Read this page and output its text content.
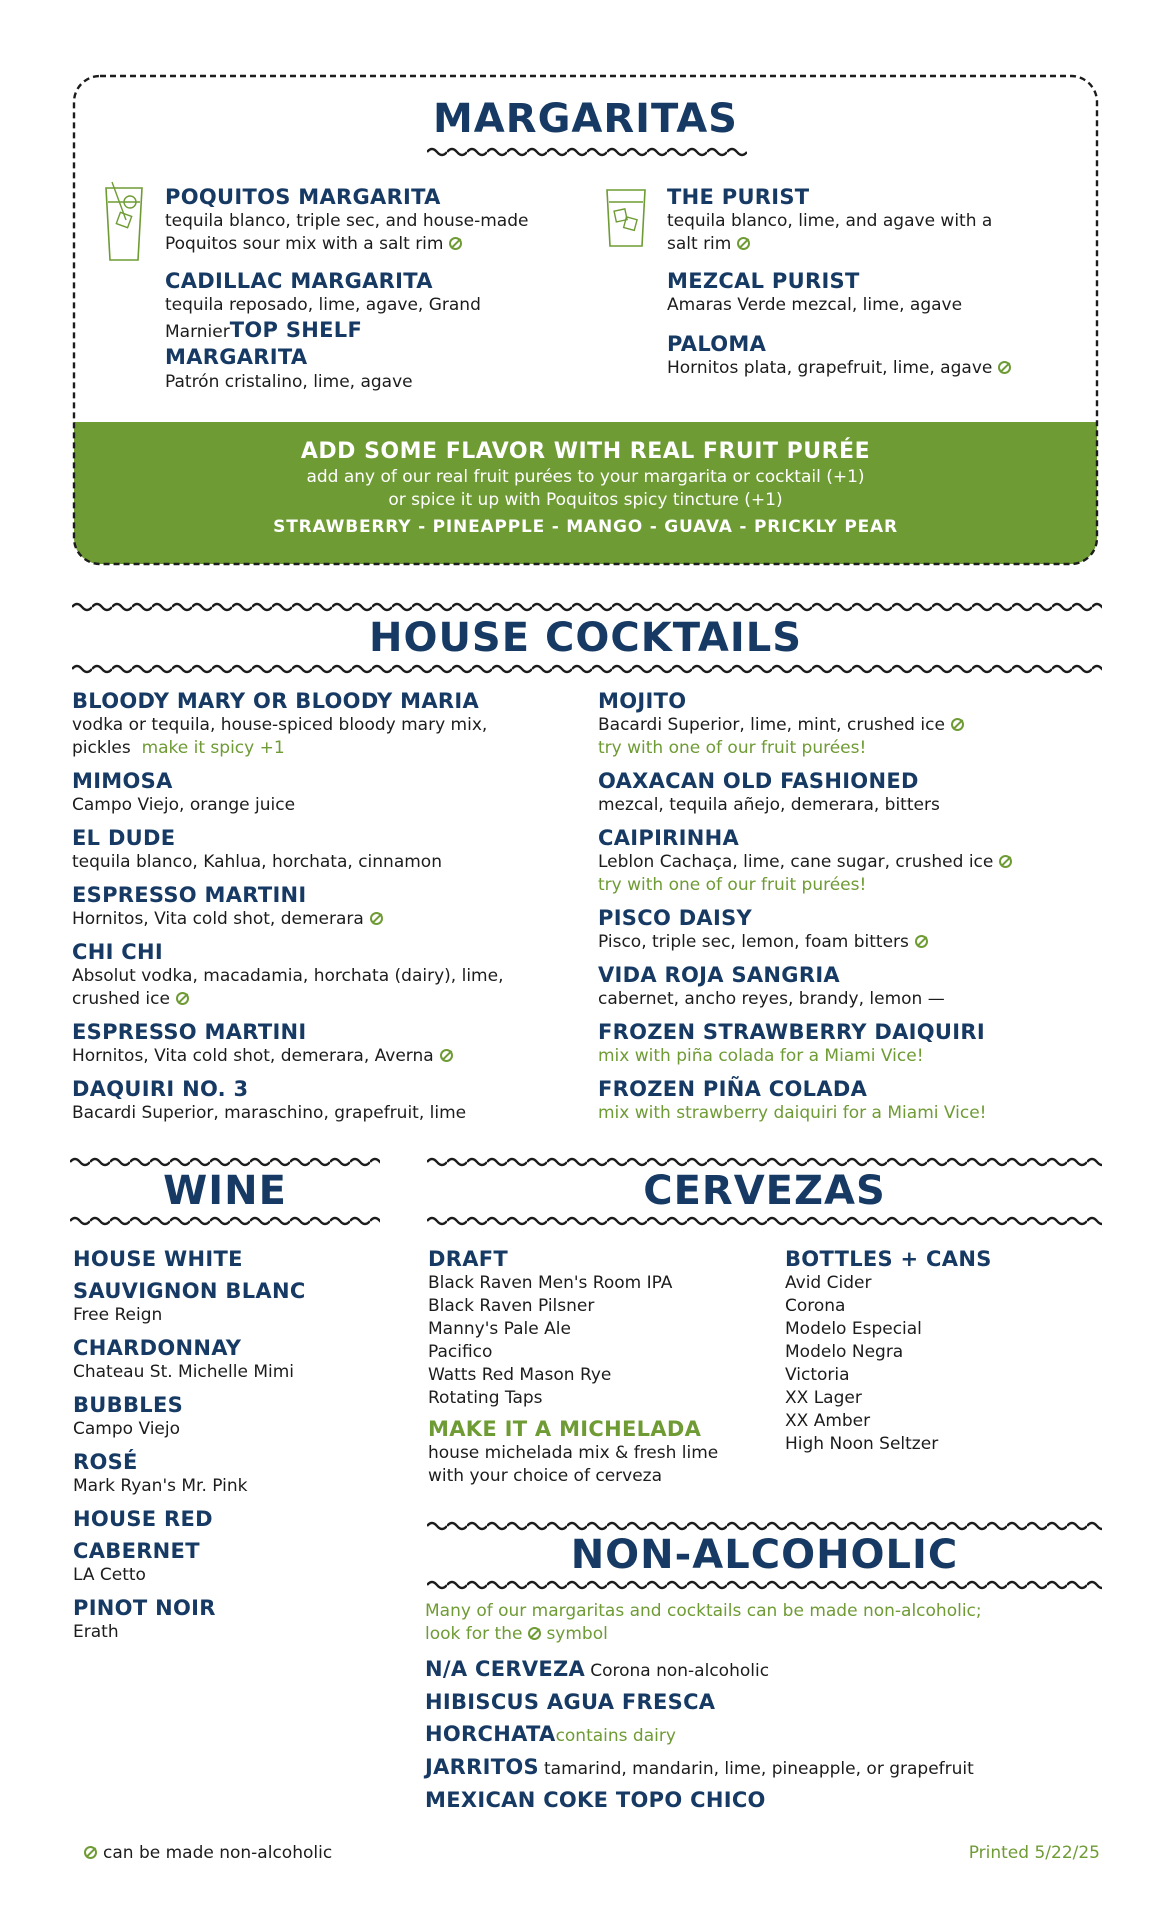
MARGARITAS
POQUITOS MARGARITA
tequila blanco, triple sec, and house-made Poquitos sour mix with a salt rim
CADILLAC MARGARITA
tequila reposado, lime, agave, Grand MarnierTOP SHELF MARGARITA
Patrón cristalino, lime, agave
THE PURIST
tequila blanco, lime, and agave with a salt rim
MEZCAL PURIST
Amaras Verde mezcal, lime, agave
PALOMA
Hornitos plata, grapefruit, lime, agave
ADD SOME FLAVOR WITH REAL FRUIT PURÉE
add any of our real fruit purées to your margarita or cocktail (+1)
or spice it up with Poquitos spicy tincture (+1)
STRAWBERRY - PINEAPPLE - MANGO - GUAVA - PRICKLY PEAR
HOUSE COCKTAILS
BLOODY MARY OR BLOODY MARIA
vodka or tequila, house-spiced bloody mary mix, pickles make it spicy +1
MIMOSA
Campo Viejo, orange juice
EL DUDE
tequila blanco, Kahlua, horchata, cinnamon
ESPRESSO MARTINI
Hornitos, Vita cold shot, demerara
CHI CHI
Absolut vodka, macadamia, horchata (dairy), lime, crushed ice
ESPRESSO MARTINI
Hornitos, Vita cold shot, demerara, Averna
DAQUIRI NO. 3
Bacardi Superior, maraschino, grapefruit, lime
MOJITO
Bacardi Superior, lime, mint, crushed ice
try with one of our fruit purées!
OAXACAN OLD FASHIONED
mezcal, tequila añejo, demerara, bitters
CAIPIRINHA
Leblon Cachaça, lime, cane sugar, crushed ice
try with one of our fruit purées!
PISCO DAISY
Pisco, triple sec, lemon, foam bitters
VIDA ROJA SANGRIA
cabernet, ancho reyes, brandy, lemon —
FROZEN STRAWBERRY DAIQUIRI
mix with piña colada for a Miami Vice!
FROZEN PIÑA COLADA
mix with strawberry daiquiri for a Miami Vice!
WINE
HOUSE WHITE
SAUVIGNON BLANC
Free Reign
CHARDONNAY
Chateau St. Michelle Mimi
BUBBLES
Campo Viejo
ROSÉ
Mark Ryan's Mr. Pink
HOUSE RED
CABERNET
LA Cetto
PINOT NOIR
Erath
CERVEZAS
DRAFT
Black Raven Men's Room IPA
Black Raven Pilsner
Manny's Pale Ale
Pacifico
Watts Red Mason Rye
Rotating Taps
MAKE IT A MICHELADA
house michelada mix & fresh lime with your choice of cerveza
BOTTLES + CANS
Avid Cider
Corona
Modelo Especial
Modelo Negra
Victoria
XX Lager
XX Amber
High Noon Seltzer
NON-ALCOHOLIC
Many of our margaritas and cocktails can be made non-alcoholic;
look for the symbol
N/A CERVEZA Corona non-alcoholic
HIBISCUS AGUA FRESCA
HORCHATAcontains dairy
JARRITOS tamarind, mandarin, lime, pineapple, or grapefruit
MEXICAN COKE TOPO CHICO
can be made non-alcoholic	Printed 5/22/25
